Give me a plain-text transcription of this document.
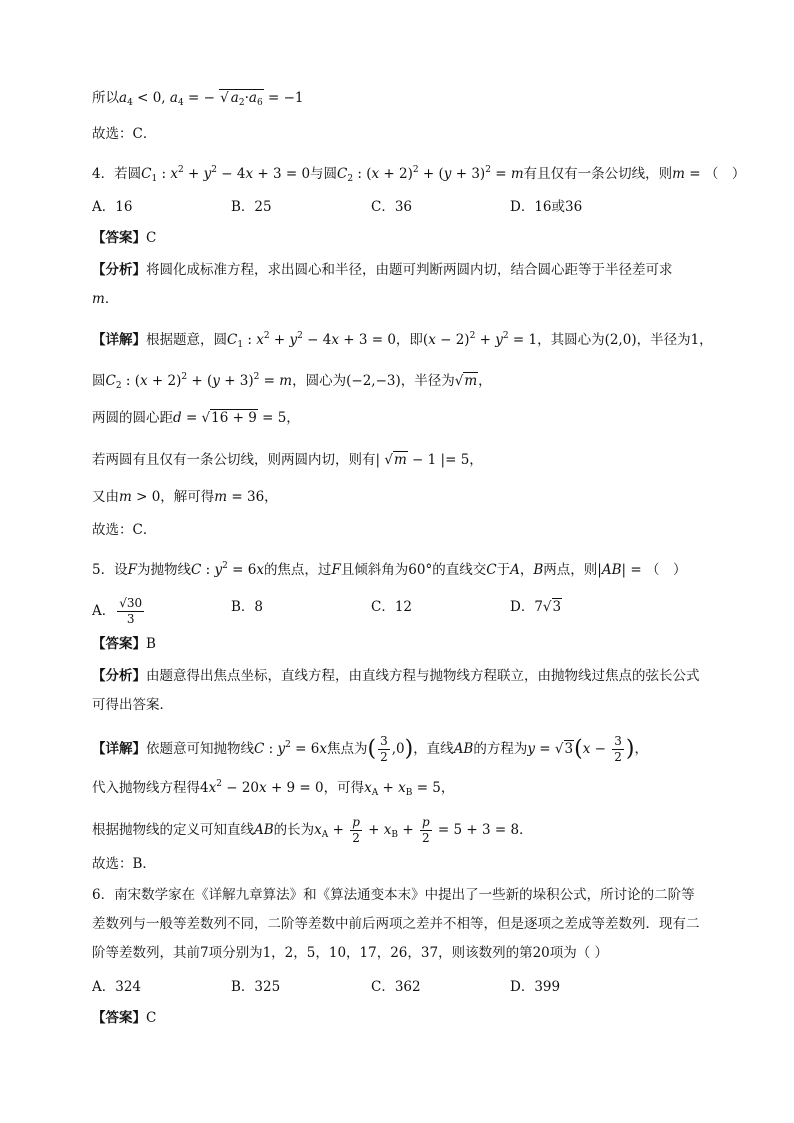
所以$a_4 < 0$, $a_4$ = − √ $a_2\cdot a_6 = -1$
故选：C．
4．若圆$C_1$ : $x^2 + y^2 - 4x + 3 = 0$与圆$C_2$ : $(x + 2)^2 + (y + 3)^2 = m$有且仅有一条公切线，则m = （　）
A．16	B．25	C．36	D．16或36
【答案】C
【分析】将圆化成标准方程，求出圆心和半径，由题可判断两圆内切，结合圆心距等于半径差可求
m．
【详解】根据题意，圆$C_1$ : $x^2 + y^2 - 4x + 3 = 0$，即$(x - 2)^2 + y^2 = 1$，其圆心为(2,0)，半径为1，
圆$C_2$ : $(x + 2)^2 + (y + 3)^2 = m$，圆心为(−2,−3)，半径为√m，
两圆的圆心距d = √16 + 9 = 5，
若两圆有且仅有一条公切线，则两圆内切，则有| √m − 1 |= 5，
又由m > 0，解可得m = 36，
故选：C．
5．设F为抛物线C : $y^2 = 6x$的焦点，过F且倾斜角为60°的直线交C于A，B两点，则|AB| = （　）
A． $\frac{√30}{3}$	B．8	C．12	D．7√3
【答案】B
【分析】由题意得出焦点坐标，直线方程，由直线方程与抛物线方程联立，由抛物线过焦点的弦长公式可得出答案．
【详解】依题意可知抛物线C : $y^2 = 6x$焦点为( $\frac{3}{2} ,0$)，直线AB的方程为$y = √3(x - \frac{3}{2}$ )，
代入抛物线方程得$4x^2 - 20x + 9 = 0$，可得$x_A + x_B = 5$，
根据抛物线的定义可知直线AB的长为$x_A + \frac{p}{2} + x_B + \frac{p}{2} = 5 + 3 = 8$．
故选：B．
6．南宋数学家在《详解九章算法》和《算法通变本末》中提出了一些新的垛积公式，所讨论的二阶等差数列与一般等差数列不同，二阶等差数中前后两项之差并不相等，但是逐项之差成等差数列．现有二阶等差数列，其前7项分别为1，2，5，10，17，26，37，则该数列的第20项为（ ）
A．324	B．325	C．362	D．399
【答案】C
